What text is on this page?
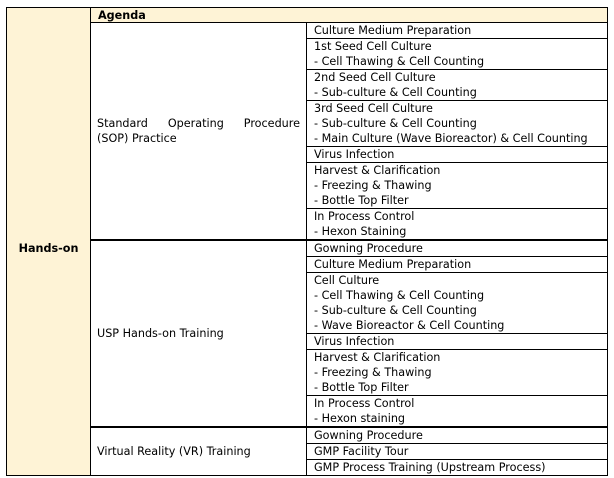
	Agenda	
Hands-on	Standard Operating Procedure (SOP) Practice	Culture Medium Preparation

		1st Seed Cell Culture
- Cell Thawing & Cell Counting

		2nd Seed Cell Culture
- Sub-culture & Cell Counting

		3rd Seed Cell Culture
- Sub-culture & Cell Counting
- Main Culture (Wave Bioreactor) & Cell Counting

		Virus Infection

		Harvest & Clarification
- Freezing & Thawing
- Bottle Top Filter

		In Process Control
- Hexon Staining

	USP Hands-on Training	Gowning Procedure

		Culture Medium Preparation

		Cell Culture
- Cell Thawing & Cell Counting
- Sub-culture & Cell Counting
- Wave Bioreactor & Cell Counting

		Virus Infection

		Harvest & Clarification
- Freezing & Thawing
- Bottle Top Filter

		In Process Control
- Hexon staining

	Virtual Reality (VR) Training	Gowning Procedure

		GMP Facility Tour

		GMP Process Training (Upstream Process)
